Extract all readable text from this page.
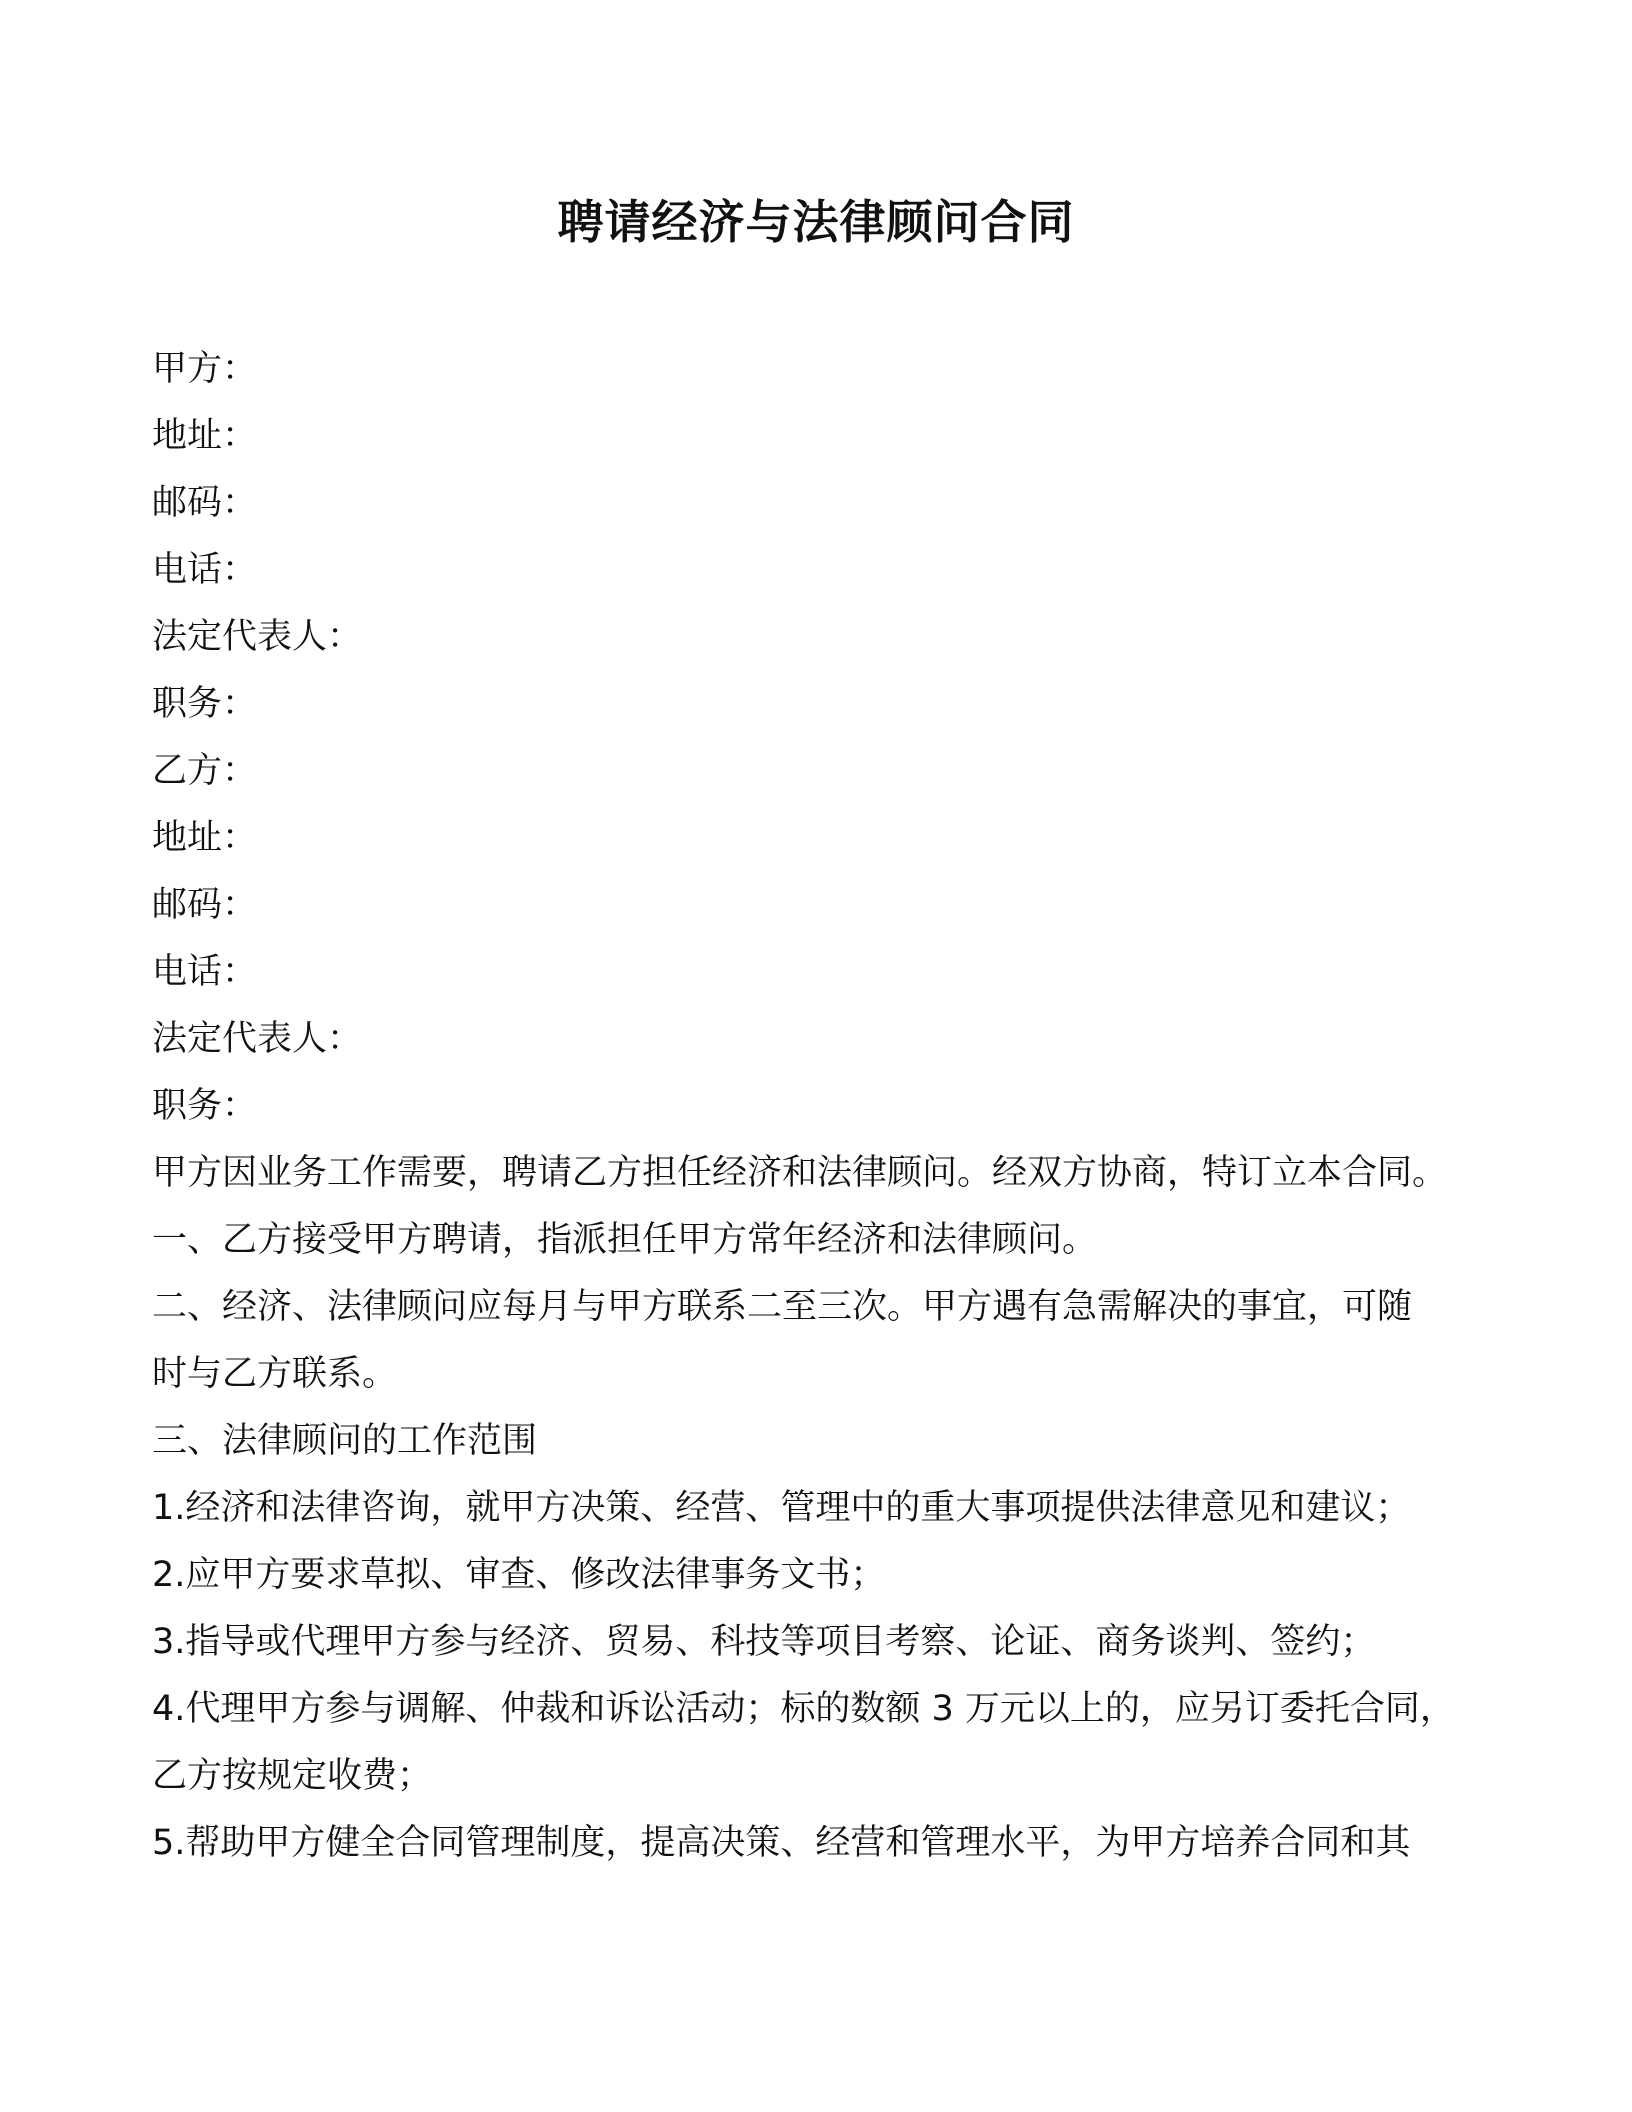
聘请经济与法律顾问合同
甲方：
地址：
邮码：
电话：
法定代表人：
职务：
乙方：
地址：
邮码：
电话：
法定代表人：
职务：
甲方因业务工作需要，聘请乙方担任经济和法律顾问。经双方协商，特订立本合同。
一、乙方接受甲方聘请，指派担任甲方常年经济和法律顾问。
二、经济、法律顾问应每月与甲方联系二至三次。甲方遇有急需解决的事宜，可随
时与乙方联系。
三、法律顾问的工作范围
1.经济和法律咨询，就甲方决策、经营、管理中的重大事项提供法律意见和建议；
2.应甲方要求草拟、审查、修改法律事务文书；
3.指导或代理甲方参与经济、贸易、科技等项目考察、论证、商务谈判、签约；
4.代理甲方参与调解、仲裁和诉讼活动；标的数额 3 万元以上的，应另订委托合同，
乙方按规定收费；
5.帮助甲方健全合同管理制度，提高决策、经营和管理水平，为甲方培养合同和其
